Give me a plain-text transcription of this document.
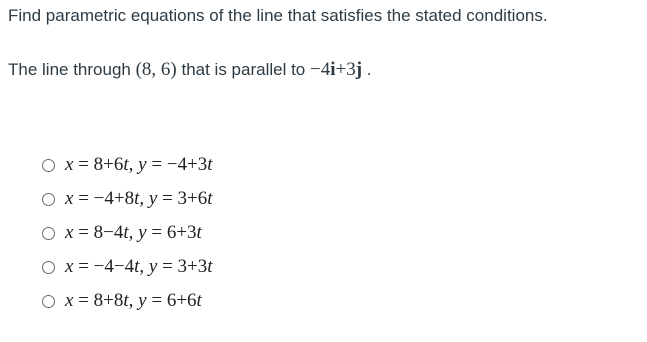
Find parametric equations of the line that satisfies the stated conditions.
The line through (8, 6) that is parallel to −4i+3j .
x = 8+6t, y = −4+3t
x = −4+8t, y = 3+6t
x = 8−4t, y = 6+3t
x = −4−4t, y = 3+3t
x = 8+8t, y = 6+6t
